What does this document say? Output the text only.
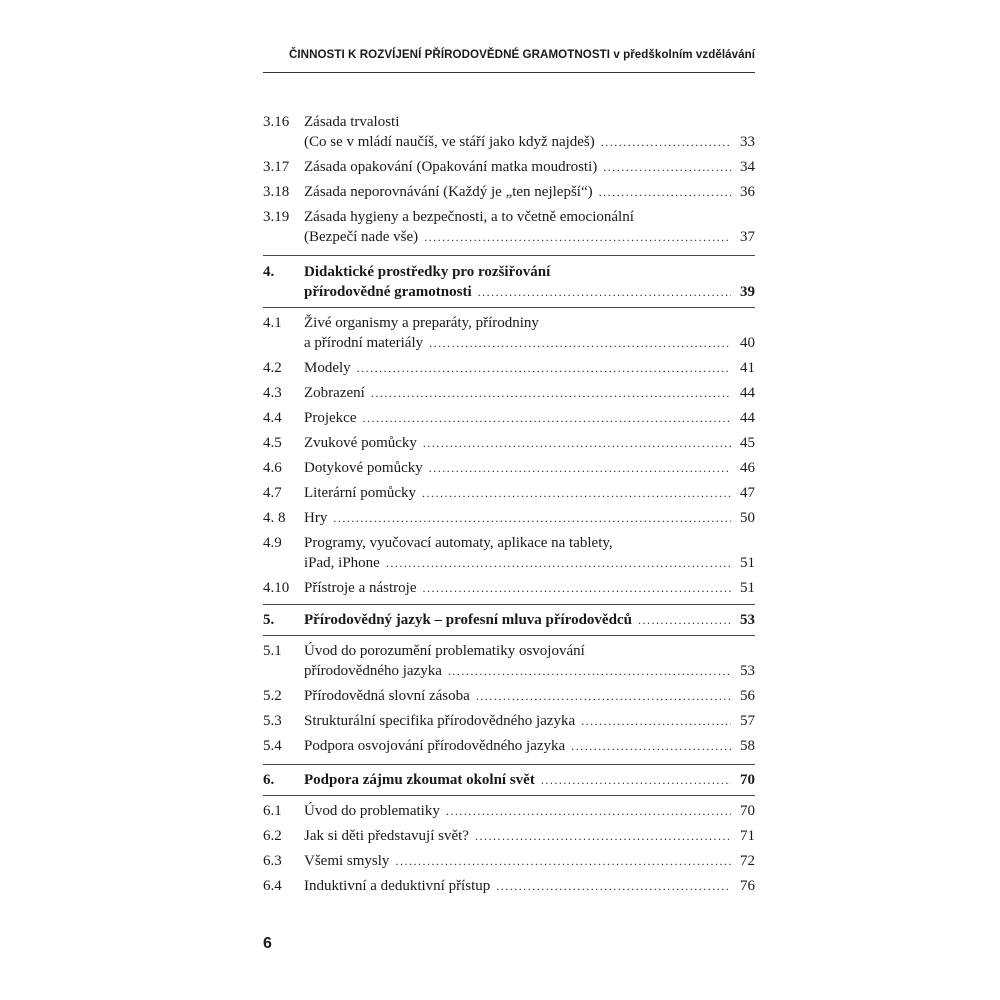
ČINNOSTI K ROZVÍJENÍ PŘÍRODOVĚDNÉ GRAMOTNOSTI v předškolním vzdělávání
3.16 Zásada trvalosti
(Co se v mládí naučíš, ve stáří jako když najdeš) .....	33
3.17 Zásada opakování (Opakování matka moudrosti) .....	34
3.18 Zásada neporovnávání (Každý je „ten nejlepší“) .....	36
3.19 Zásada hygieny a bezpečnosti, a to včetně emocionální
(Bezpečí nade vše) .....	37
4. Didaktické prostředky pro rozšiřování
přírodovědné gramotnosti .....	39
4.1 Živé organismy a preparáty, přírodniny
a přírodní materiály .....	40
4.2 Modely .....	41
4.3 Zobrazení .....	44
4.4 Projekce .....	44
4.5 Zvukové pomůcky .....	45
4.6 Dotykové pomůcky .....	46
4.7 Literární pomůcky .....	47
4. 8 Hry .....	50
4.9 Programy, vyučovací automaty, aplikace na tablety,
iPad, iPhone .....	51
4.10 Přístroje a nástroje .....	51
5. Přírodovědný jazyk – profesní mluva přírodovědců .....	53
5.1 Úvod do porozumění problematiky osvojování
přírodovědného jazyka .....	53
5.2 Přírodovědná slovní zásoba .....	56
5.3 Strukturální specifika přírodovědného jazyka .....	57
5.4 Podpora osvojování přírodovědného jazyka .....	58
6. Podpora zájmu zkoumat okolní svět .....	70
6.1 Úvod do problematiky .....	70
6.2 Jak si děti představují svět? .....	71
6.3 Všemi smysly .....	72
6.4 Induktivní a deduktivní přístup .....	76
6
